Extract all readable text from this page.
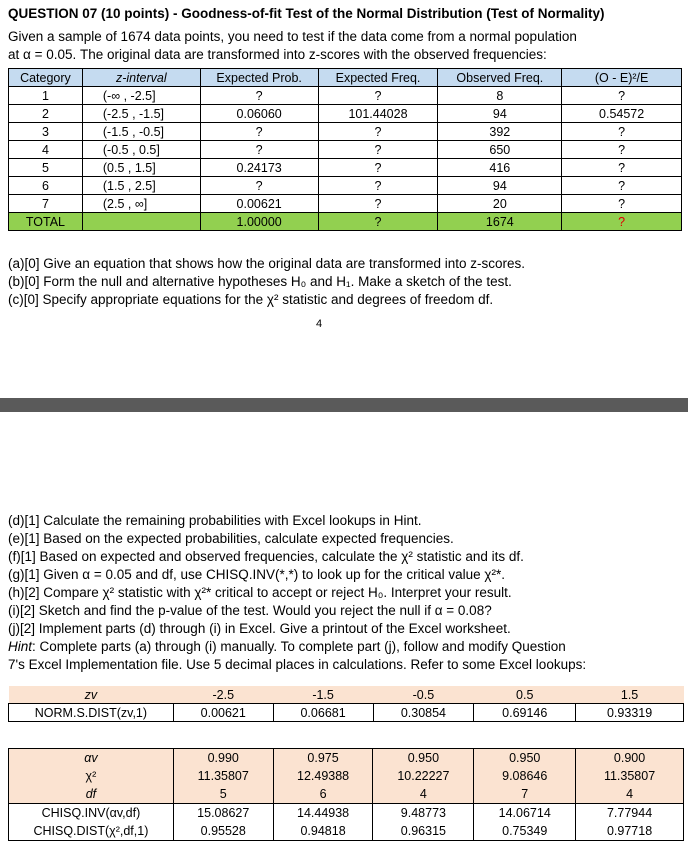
QUESTION 07 (10 points) - Goodness-of-fit Test of the Normal Distribution (Test of Normality)
Given a sample of 1674 data points, you need to test if the data come from a normal population
at α = 0.05. The original data are transformed into z-scores with the observed frequencies:
Category	z-interval	Expected Prob.	Expected Freq.	Observed Freq.	(O - E)²/E
1	(-∞ , -2.5]	?	?	8	?
2	(-2.5 , -1.5]	0.06060	101.44028	94	0.54572
3	(-1.5 , -0.5]	?	?	392	?
4	(-0.5 , 0.5]	?	?	650	?
5	(0.5 , 1.5]	0.24173	?	416	?
6	(1.5 , 2.5]	?	?	94	?
7	(2.5 , ∞]	0.00621	?	20	?
TOTAL		1.00000	?	1674	?
(a)[0] Give an equation that shows how the original data are transformed into z-scores.
(b)[0] Form the null and alternative hypotheses H₀ and H₁. Make a sketch of the test.
(c)[0] Specify appropriate equations for the χ² statistic and degrees of freedom df.
4
(d)[1] Calculate the remaining probabilities with Excel lookups in Hint.
(e)[1] Based on the expected probabilities, calculate expected frequencies.
(f)[1] Based on expected and observed frequencies, calculate the χ² statistic and its df.
(g)[1] Given α = 0.05 and df, use CHISQ.INV(*,*) to look up for the critical value χ²*.
(h)[2] Compare χ² statistic with χ²* critical to accept or reject H₀. Interpret your result.
(i)[2] Sketch and find the p-value of the test. Would you reject the null if α = 0.08?
(j)[2] Implement parts (d) through (i) in Excel. Give a printout of the Excel worksheet.
Hint: Complete parts (a) through (i) manually. To complete part (j), follow and modify Question
7's Excel Implementation file. Use 5 decimal places in calculations. Refer to some Excel lookups:
zv	-2.5	-1.5	-0.5	0.5	1.5
NORM.S.DIST(zv,1)	0.00621	0.06681	0.30854	0.69146	0.93319
αv	0.990	0.975	0.950	0.950	0.900
χ²	11.35807	12.49388	10.22227	9.08646	11.35807
df	5	6	4	7	4
CHISQ.INV(αv,df)	15.08627	14.44938	9.48773	14.06714	7.77944
CHISQ.DIST(χ²,df,1)	0.95528	0.94818	0.96315	0.75349	0.97718
